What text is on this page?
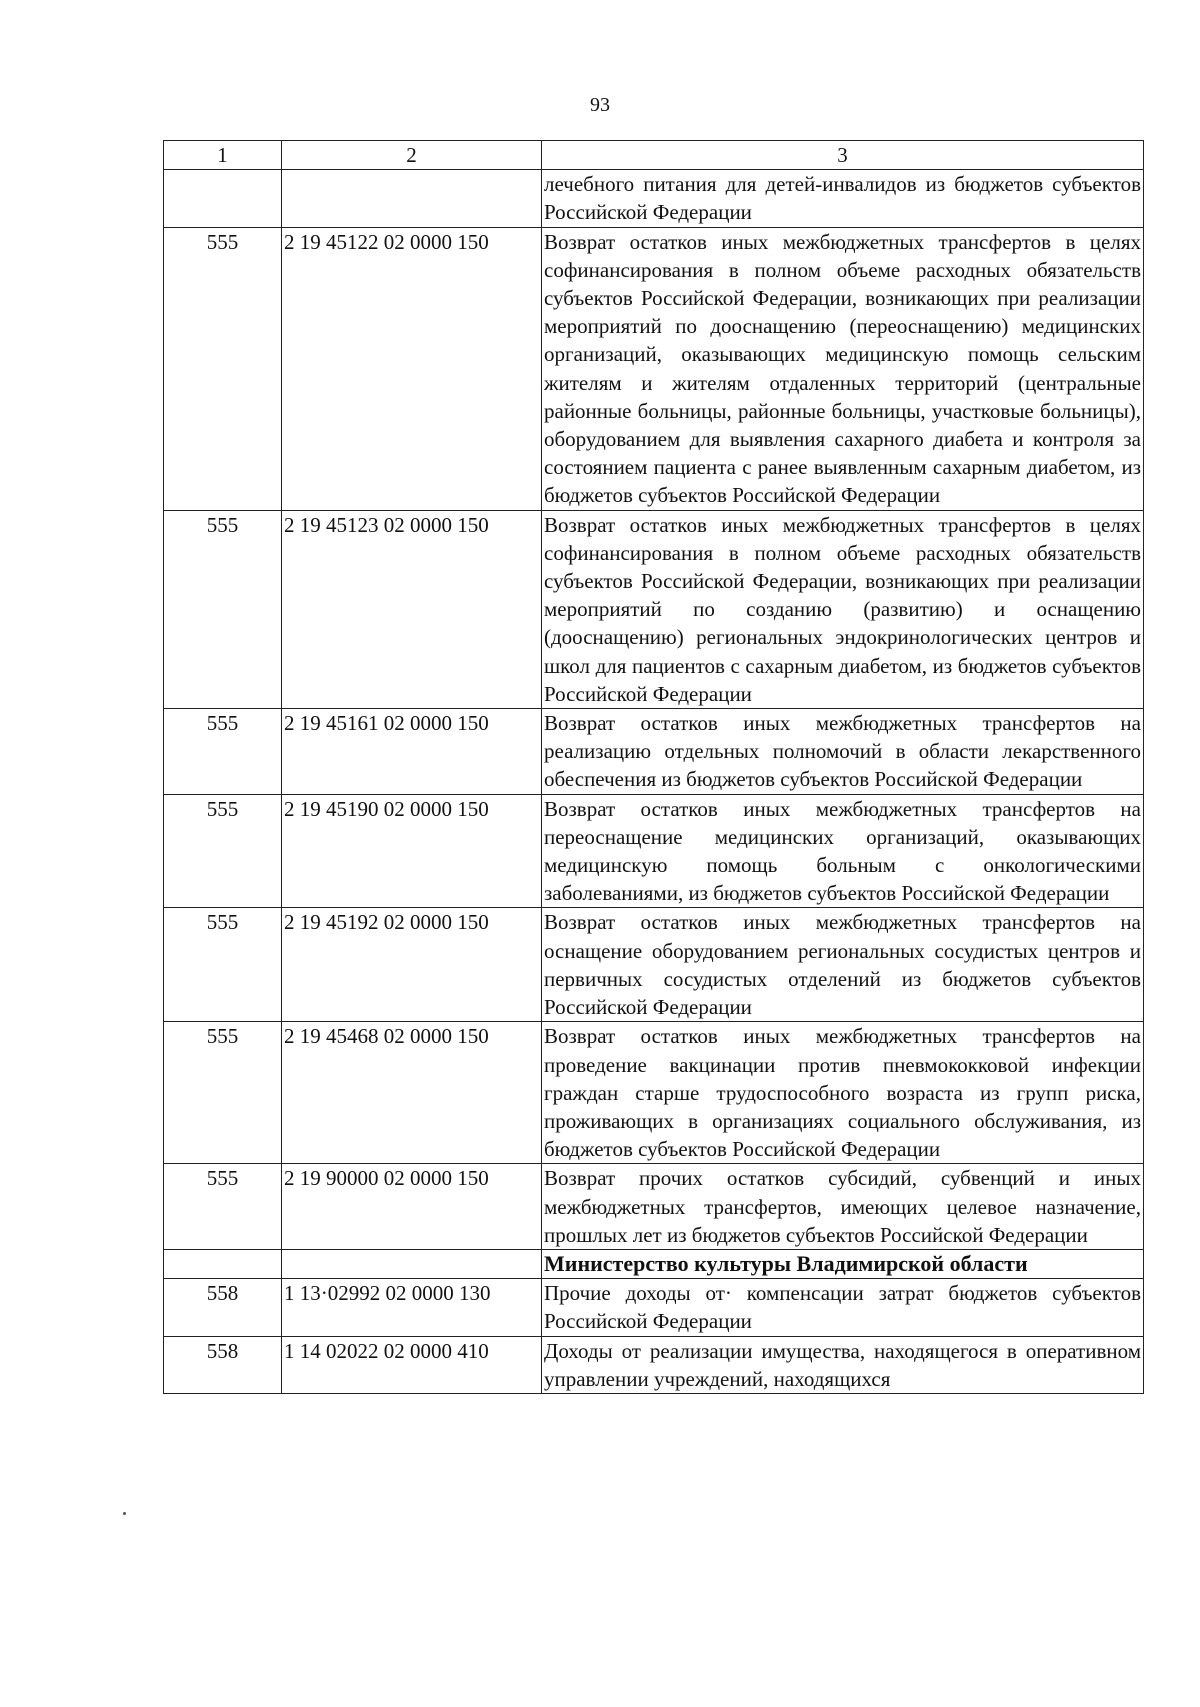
93
1	2	3
		лечебного питания для детей-инвалидов из бюджетов субъектов Российской Федерации
555	2 19 45122 02 0000 150	Возврат остатков иных межбюджетных трансфертов в целях софинансирования в полном объеме расходных обязательств субъектов Российской Федерации, возникающих при реализации мероприятий по дооснащению (переоснащению) медицинских организаций, оказывающих медицинскую помощь сельским жителям и жителям отдаленных территорий (центральные районные больницы, районные больницы, участковые больницы), оборудованием для выявления сахарного диабета и контроля за состоянием пациента с ранее выявленным сахарным диабетом, из бюджетов субъектов Российской Федерации
555	2 19 45123 02 0000 150	Возврат остатков иных межбюджетных трансфертов в целях софинансирования в полном объеме расходных обязательств субъектов Российской Федерации, возникающих при реализации мероприятий по созданию (развитию) и оснащению (дооснащению) региональных эндокринологических центров и школ для пациентов с сахарным диабетом, из бюджетов субъектов Российской Федерации
555	2 19 45161 02 0000 150	Возврат остатков иных межбюджетных трансфертов на реализацию отдельных полномочий в области лекарственного обеспечения из бюджетов субъектов Российской Федерации
555	2 19 45190 02 0000 150	Возврат остатков иных межбюджетных трансфертов на переоснащение медицинских организаций, оказывающих медицинскую помощь больным с онкологическими заболеваниями, из бюджетов субъектов Российской Федерации
555	2 19 45192 02 0000 150	Возврат остатков иных межбюджетных трансфертов на оснащение оборудованием региональных сосудистых центров и первичных сосудистых отделений из бюджетов субъектов Российской Федерации
555	2 19 45468 02 0000 150	Возврат остатков иных межбюджетных трансфертов на проведение вакцинации против пневмококковой инфекции граждан старше трудоспособного возраста из групп риска, проживающих в организациях социального обслуживания, из бюджетов субъектов Российской Федерации
555	2 19 90000 02 0000 150	Возврат прочих остатков субсидий, субвенций и иных межбюджетных трансфертов, имеющих целевое назначение, прошлых лет из бюджетов субъектов Российской Федерации
		Министерство культуры Владимирской области
558	1 13·02992 02 0000 130	Прочие доходы от· компенсации затрат бюджетов субъектов Российской Федерации
558	1 14 02022 02 0000 410	Доходы от реализации имущества, находящегося в оперативном управлении учреждений, находящихся
